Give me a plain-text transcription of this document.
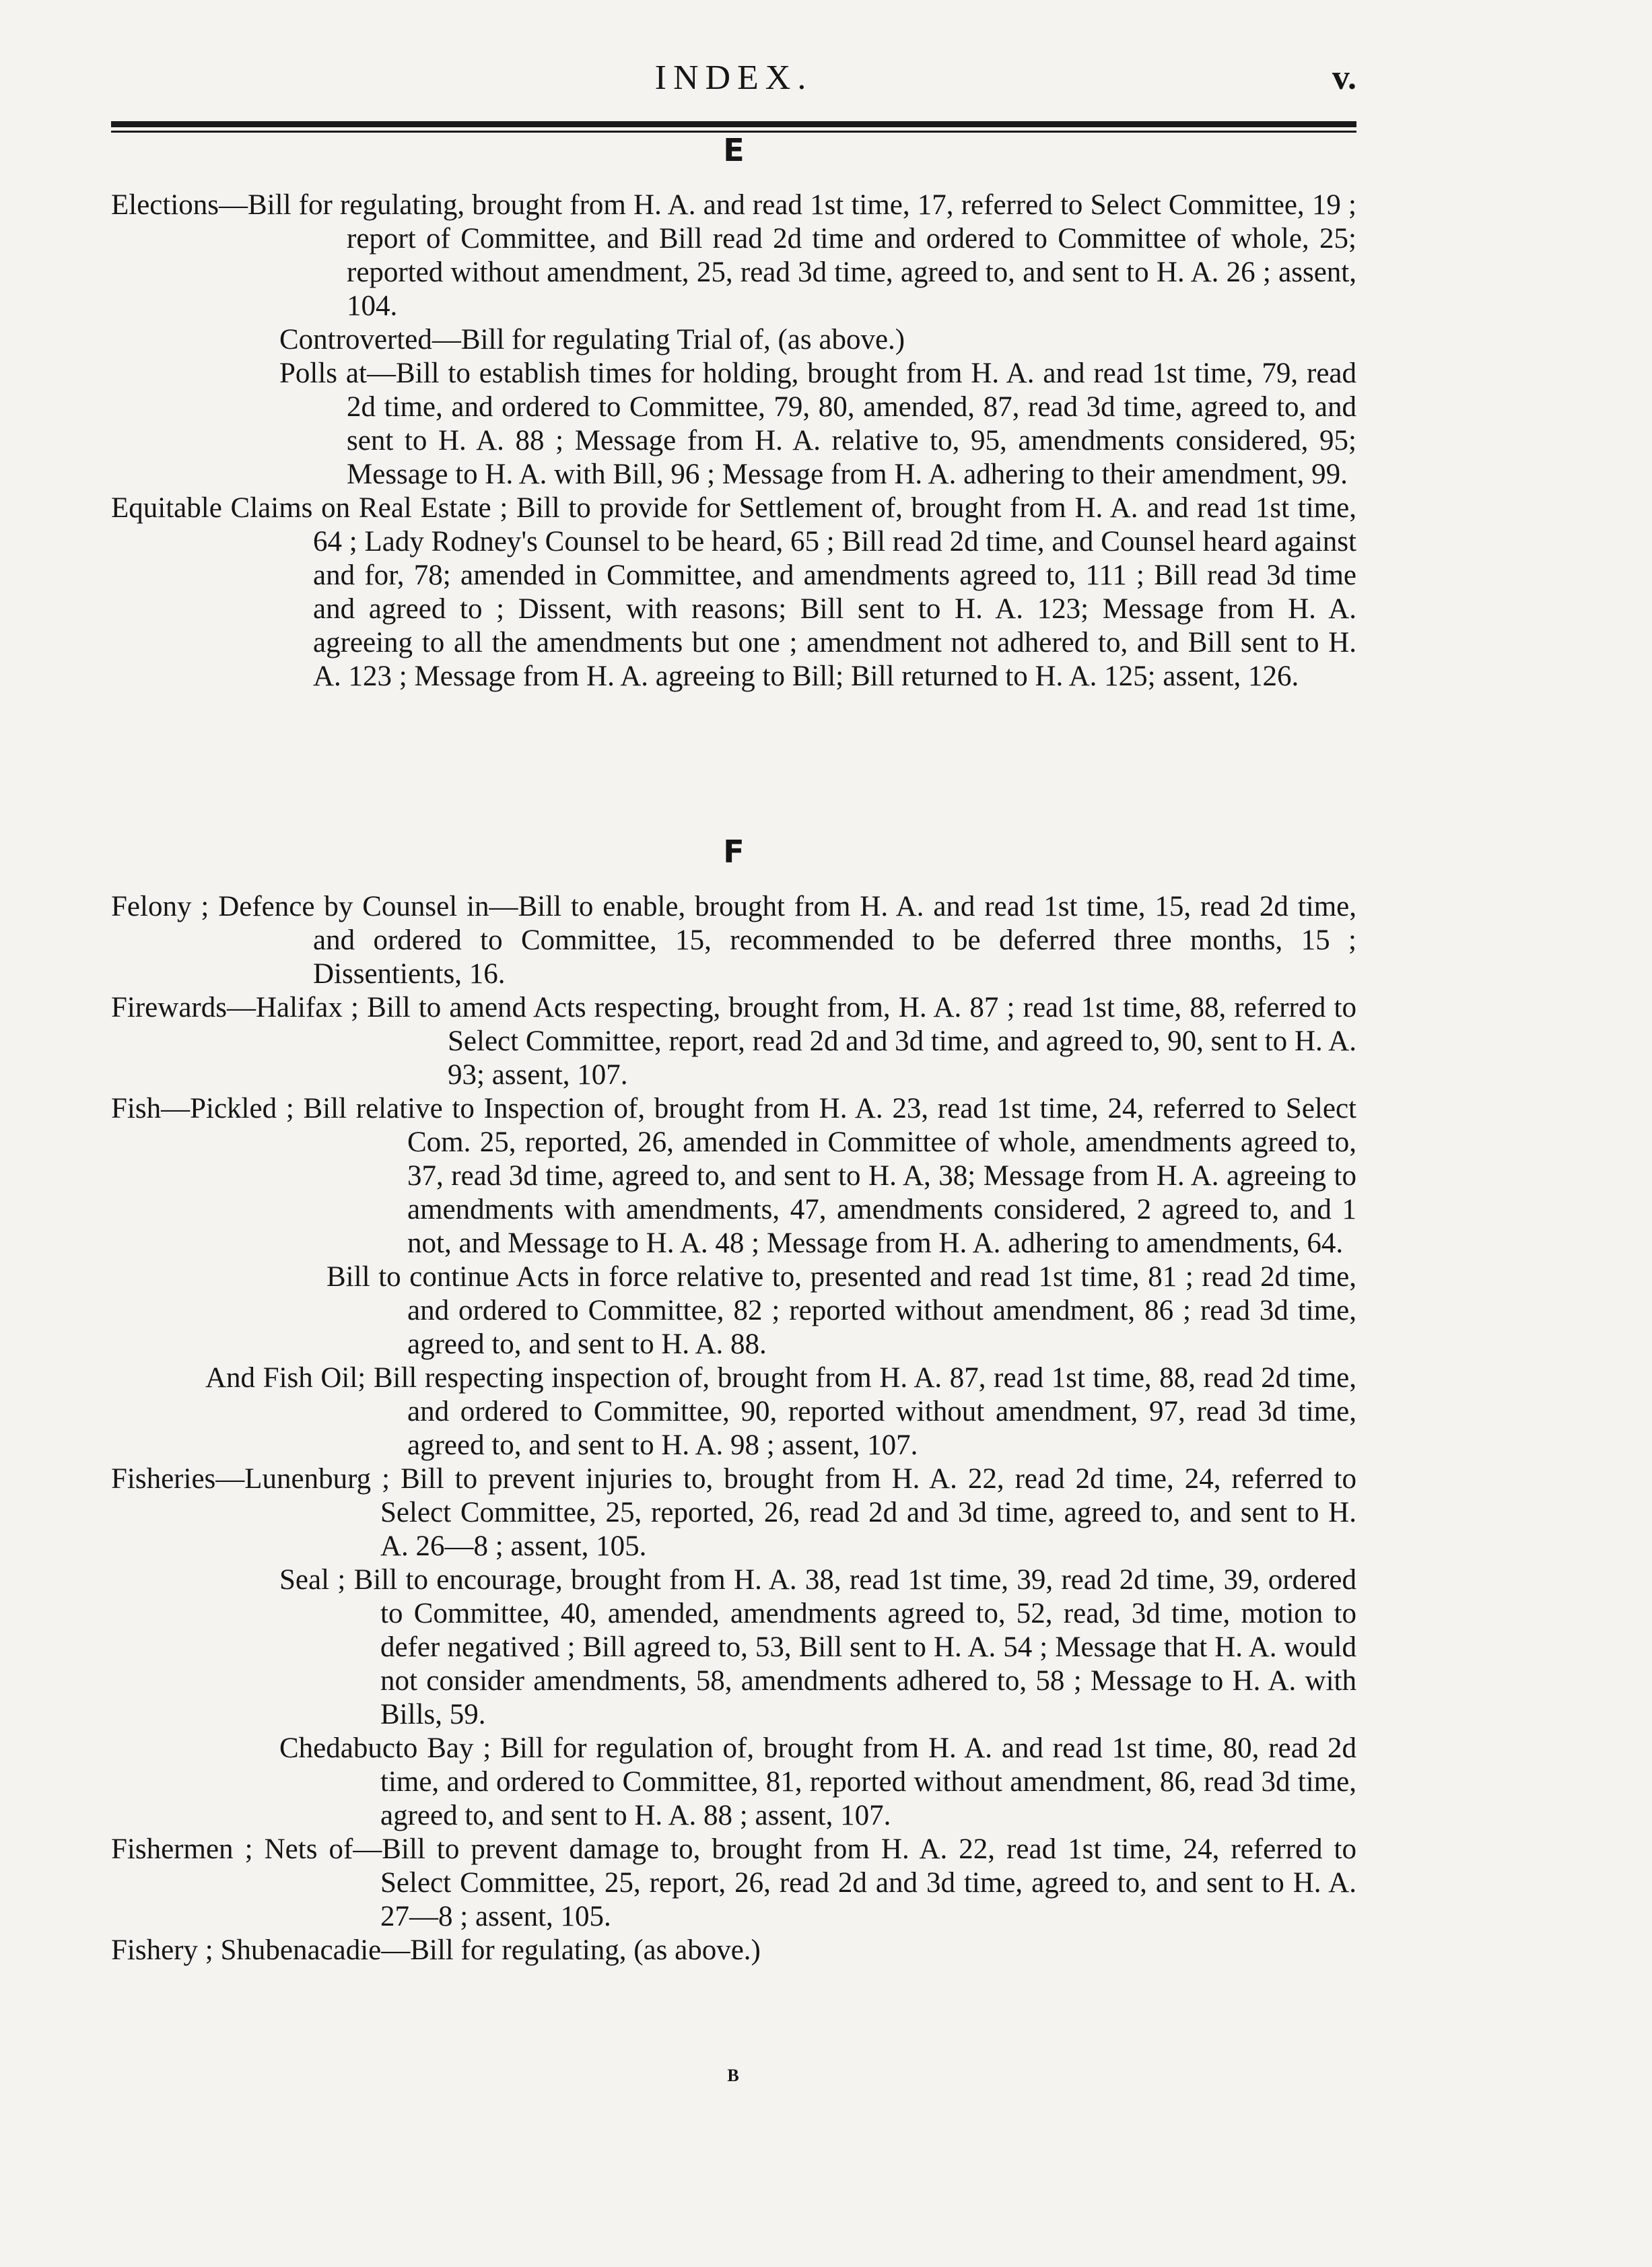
INDEX.	v.
E

Elections—Bill for regulating, brought from H. A. and read 1st time, 17, referred to Select Committee, 19 ; report of Committee, and Bill read 2d time and ordered to Committee of whole, 25; reported without amendment, 25, read 3d time, agreed to, and sent to H. A. 26 ; assent, 104.

Controverted—Bill for regulating Trial of, (as above.)

Polls at—Bill to establish times for holding, brought from H. A. and read 1st time, 79, read 2d time, and ordered to Committee, 79, 80, amended, 87, read 3d time, agreed to, and sent to H. A. 88 ; Message from H. A. relative to, 95, amendments considered, 95; Message to H. A. with Bill, 96 ; Message from H. A. adhering to their amendment, 99.

Equitable Claims on Real Estate ; Bill to provide for Settlement of, brought from H. A. and read 1st time, 64 ; Lady Rodney's Counsel to be heard, 65 ; Bill read 2d time, and Counsel heard against and for, 78; amended in Committee, and amendments agreed to, 111 ; Bill read 3d time and agreed to ; Dissent, with reasons; Bill sent to H. A. 123; Message from H. A. agreeing to all the amendments but one ; amendment not adhered to, and Bill sent to H. A. 123 ; Message from H. A. agreeing to Bill; Bill returned to H. A. 125; assent, 126.

F

Felony ; Defence by Counsel in—Bill to enable, brought from H. A. and read 1st time, 15, read 2d time, and ordered to Committee, 15, recommended to be deferred three months, 15 ; Dissentients, 16.

Firewards—Halifax ; Bill to amend Acts respecting, brought from, H. A. 87 ; read 1st time, 88, referred to Select Committee, report, read 2d and 3d time, and agreed to, 90, sent to H. A. 93; assent, 107.

Fish—Pickled ; Bill relative to Inspection of, brought from H. A. 23, read 1st time, 24, referred to Select Com. 25, reported, 26, amended in Committee of whole, amendments agreed to, 37, read 3d time, agreed to, and sent to H. A, 38; Message from H. A. agreeing to amendments with amendments, 47, amendments considered, 2 agreed to, and 1 not, and Message to H. A. 48 ; Message from H. A. adhering to amendments, 64.

Bill to continue Acts in force relative to, presented and read 1st time, 81 ; read 2d time, and ordered to Committee, 82 ; reported without amendment, 86 ; read 3d time, agreed to, and sent to H. A. 88.

And Fish Oil; Bill respecting inspection of, brought from H. A. 87, read 1st time, 88, read 2d time, and ordered to Committee, 90, reported without amendment, 97, read 3d time, agreed to, and sent to H. A. 98 ; assent, 107.

Fisheries—Lunenburg ; Bill to prevent injuries to, brought from H. A. 22, read 2d time, 24, referred to Select Committee, 25, reported, 26, read 2d and 3d time, agreed to, and sent to H. A. 26—8 ; assent, 105.

Seal ; Bill to encourage, brought from H. A. 38, read 1st time, 39, read 2d time, 39, ordered to Committee, 40, amended, amendments agreed to, 52, read, 3d time, motion to defer negatived ; Bill agreed to, 53, Bill sent to H. A. 54 ; Message that H. A. would not consider amendments, 58, amendments adhered to, 58 ; Message to H. A. with Bills, 59.

Chedabucto Bay ; Bill for regulation of, brought from H. A. and read 1st time, 80, read 2d time, and ordered to Committee, 81, reported without amendment, 86, read 3d time, agreed to, and sent to H. A. 88 ; assent, 107.

Fishermen ; Nets of—Bill to prevent damage to, brought from H. A. 22, read 1st time, 24, referred to Select Committee, 25, report, 26, read 2d and 3d time, agreed to, and sent to H. A. 27—8 ; assent, 105.

Fishery ; Shubenacadie—Bill for regulating, (as above.)

B
